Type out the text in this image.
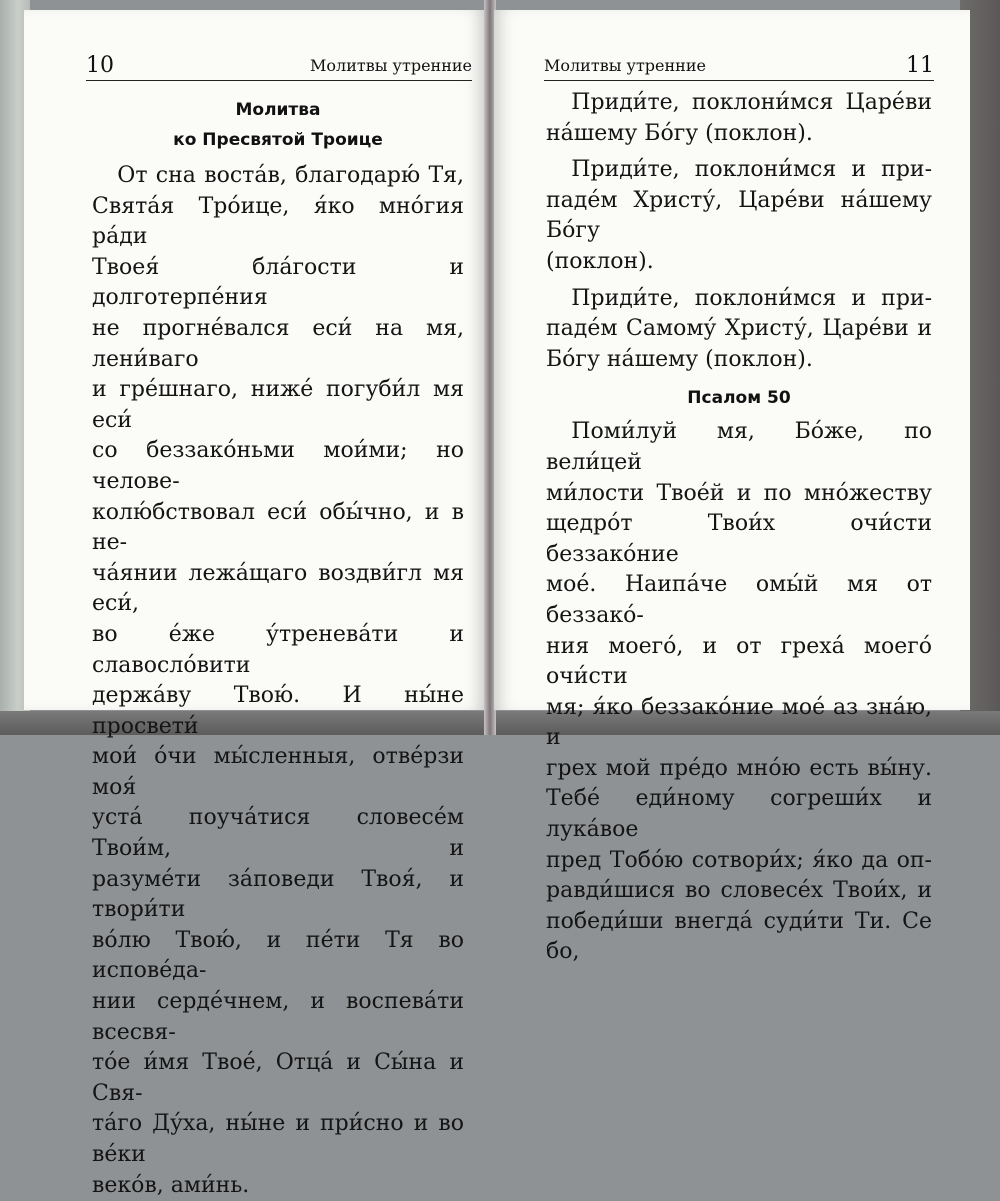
10	Молитвы утренние
Молитва
ко Пресвятой Троице
От сна воста́в, благодарю́ Тя,
Свята́я Тро́ице, я́ко мно́гия ра́ди
Твоея́ бла́гости и долготерпе́ния
не прогне́вался еси́ на мя, лени́ваго
и гре́шнаго, ниже́ погуби́л мя еси́
со беззако́ньми мои́ми; но челове-
колю́бствовал еси́ обы́чно, и в не-
ча́янии лежа́щаго воздви́гл мя еси́,
во е́же у́тренева́ти и славосло́вити
держа́ву Твою́. И ны́не просвети́
мои́ о́чи мы́сленныя, отве́рзи моя́
уста́ поуча́тися словесе́м Твои́м, и
разуме́ти за́поведи Твоя́, и твори́ти
во́лю Твою́, и пе́ти Тя во испове́да-
нии серде́чнем, и воспева́ти всесвя-
то́е и́мя Твое́, Отца́ и Сы́на и Свя-
та́го Ду́ха, ны́не и при́сно и во ве́ки
веко́в, ами́нь.
Молитвы утренние	11
Приди́те, поклони́мся Царе́ви
на́шему Бо́гу (поклон).
Приди́те, поклони́мся и при-
паде́м Христу́, Царе́ви на́шему Бо́гу
(поклон).
Приди́те, поклони́мся и при-
паде́м Самому́ Христу́, Царе́ви и
Бо́гу на́шему (поклон).
Псалом 50
Поми́луй мя, Бо́же, по вели́цей
ми́лости Твое́й и по мно́жеству
щедро́т Твои́х очи́сти беззако́ние
мое́. Наипа́че омы́й мя от беззако́-
ния моего́, и от греха́ моего́ очи́сти
мя; я́ко беззако́ние мое́ аз зна́ю, и
грех мой пре́до мно́ю есть вы́ну.
Тебе́ еди́ному согреши́х и лука́вое
пред Тобо́ю сотвори́х; я́ко да оп-
равди́шися во словесе́х Твои́х, и
победи́ши внегда́ суди́ти Ти. Се бо,
